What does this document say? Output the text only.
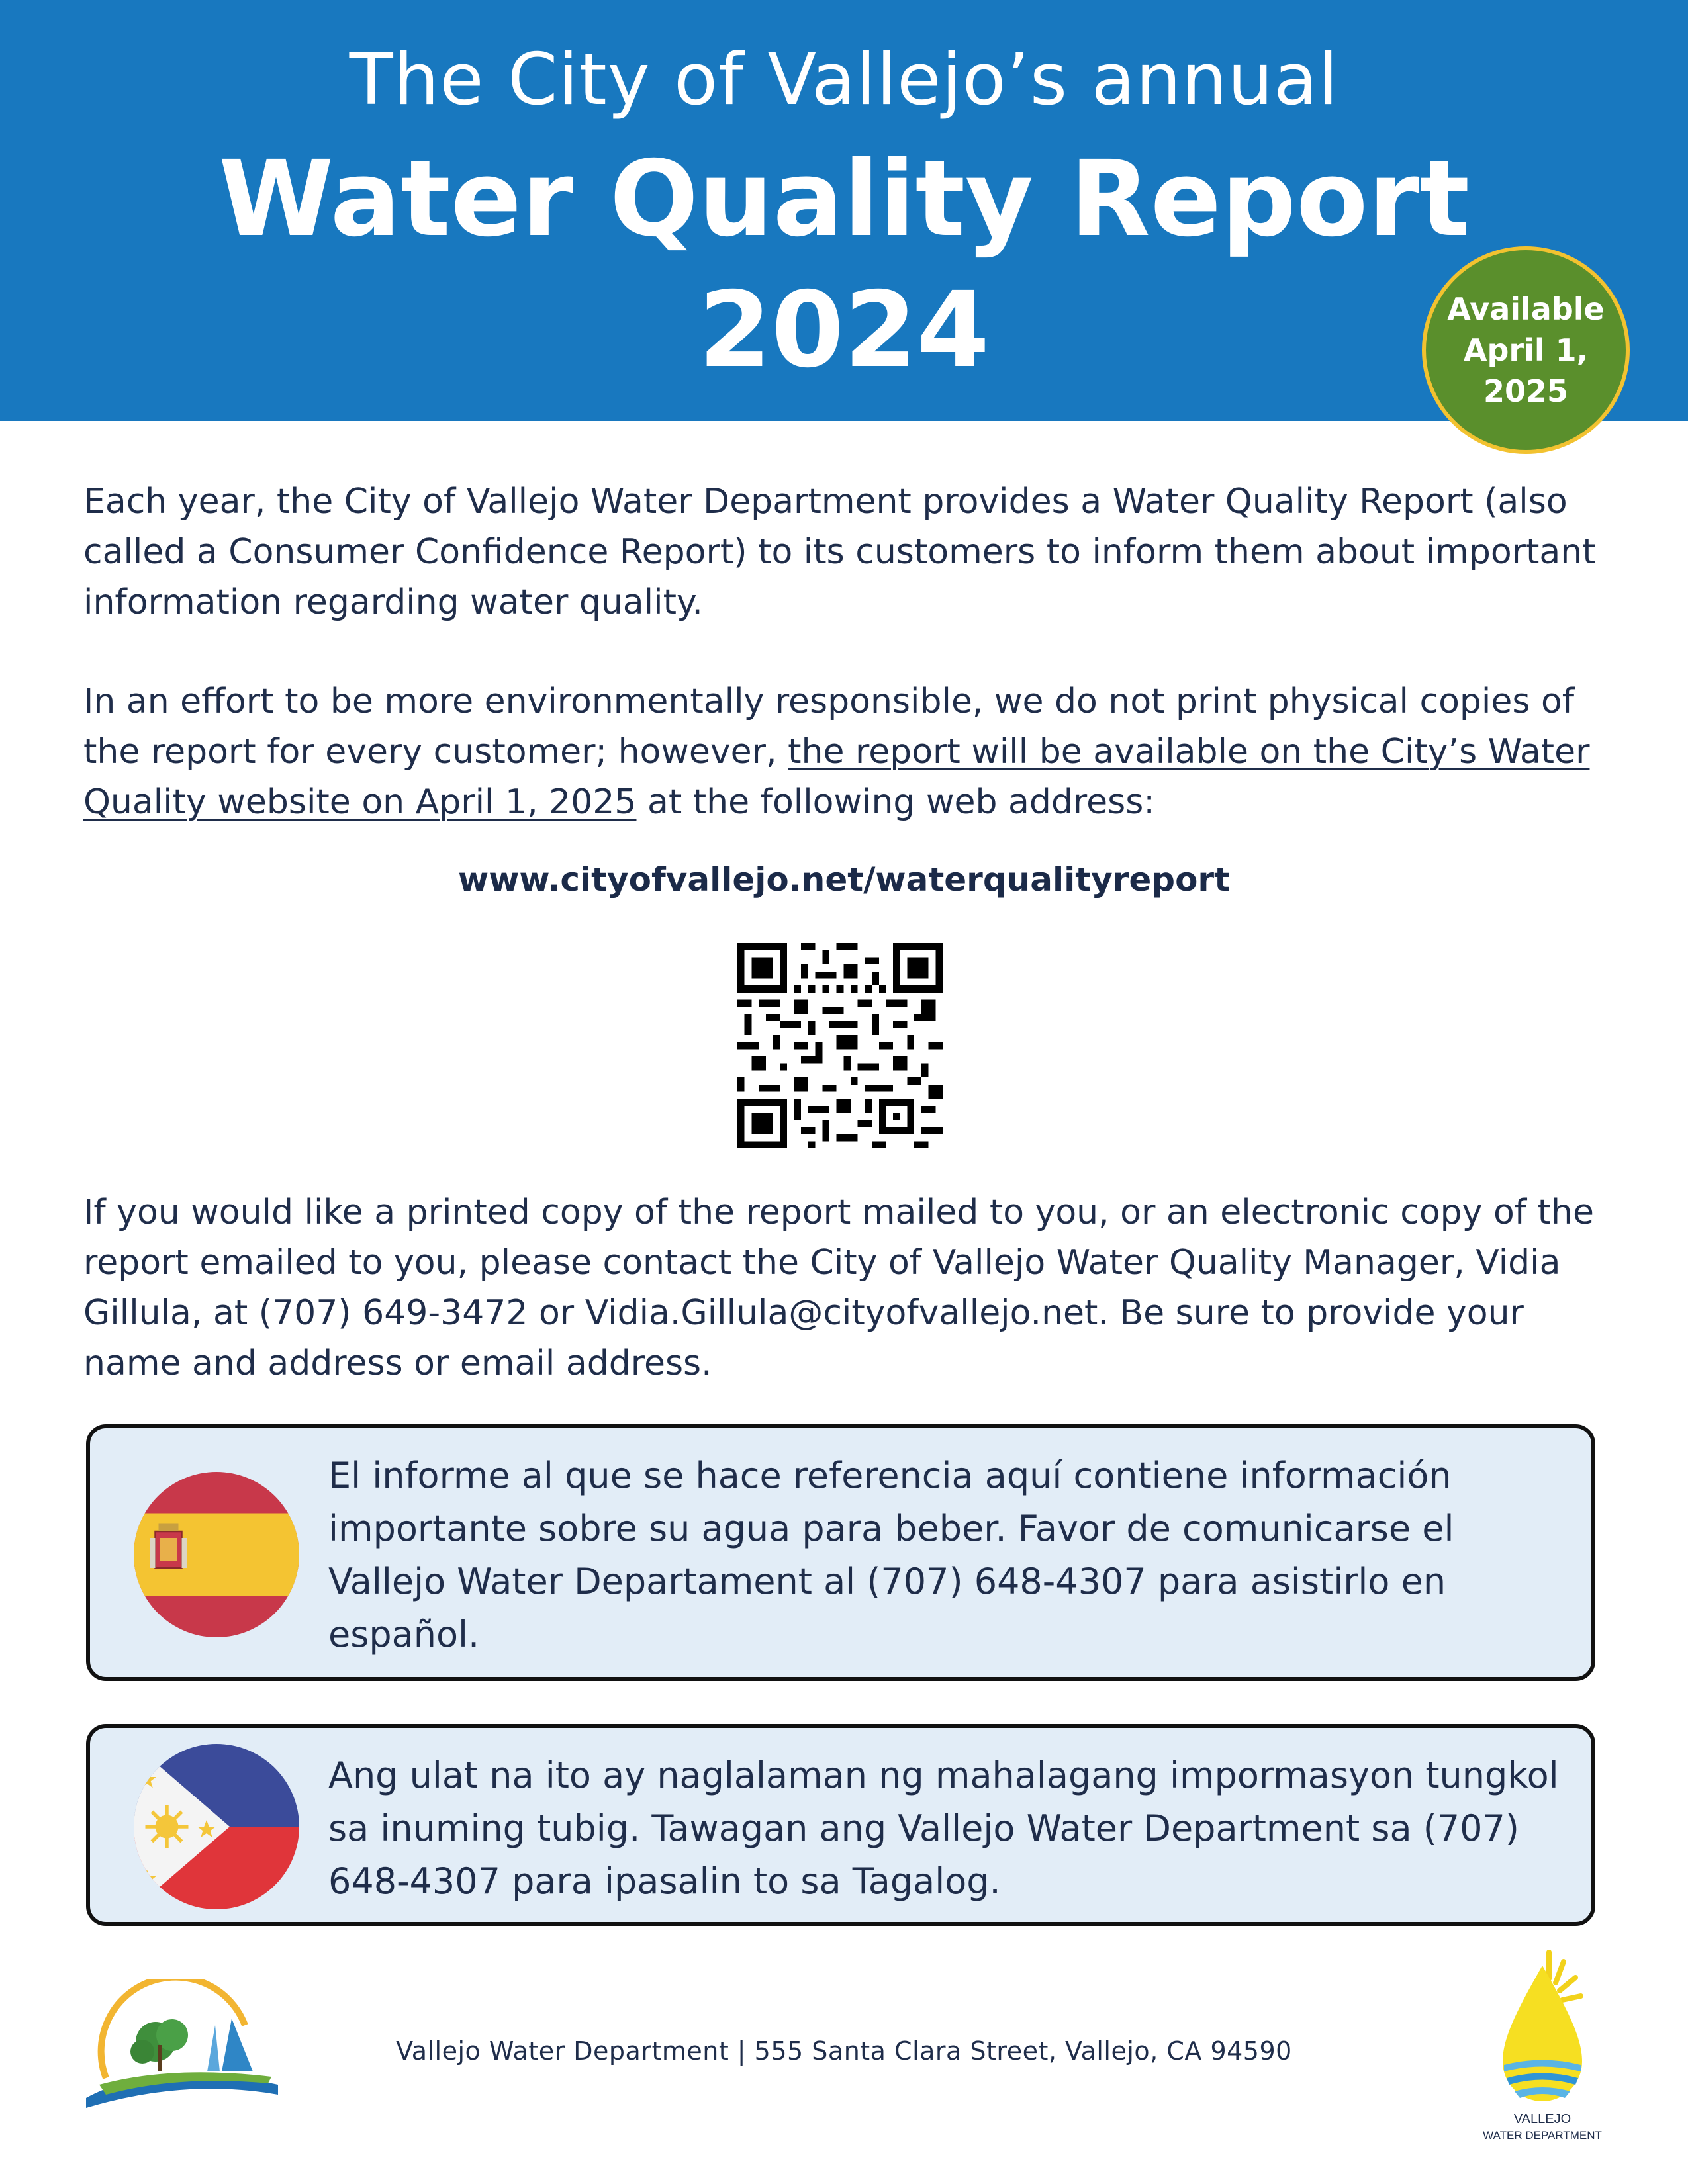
The City of Vallejo’s annual
Water Quality Report
2024	Available
April 1,
2025
Each year, the City of Vallejo Water Department provides a Water Quality Report (also called a Consumer Confidence Report) to its customers to inform them about important information regarding water quality.
In an effort to be more environmentally responsible, we do not print physical copies of the report for every customer; however, the report will be available on the City’s Water Quality website on April 1, 2025 at the following web address:
www.cityofvallejo.net/waterqualityreport
If you would like a printed copy of the report mailed to you, or an electronic copy of the report emailed to you, please contact the City of Vallejo Water Quality Manager, Vidia Gillula, at (707) 649-3472 or Vidia.Gillula@cityofvallejo.net. Be sure to provide your name and address or email address.
El informe al que se hace referencia aquí contiene información importante sobre su agua para beber. Favor de comunicarse el Vallejo Water Departament al (707) 648-4307 para asistirlo en español.
Ang ulat na ito ay naglalaman ng mahalagang impormasyon tungkol sa inuming tubig. Tawagan ang Vallejo Water Department sa (707) 648-4307 para ipasalin to sa Tagalog.
Vallejo Water Department | 555 Santa Clara Street, Vallejo, CA 94590
VALLEJO
WATER DEPARTMENT
